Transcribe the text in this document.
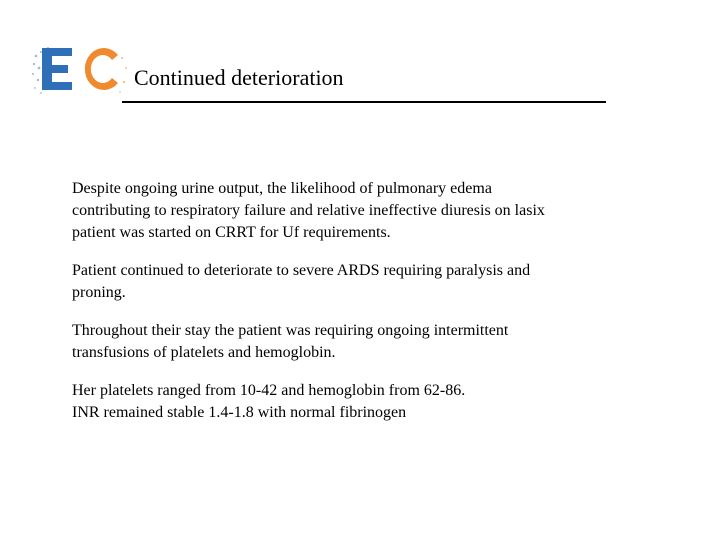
Continued deterioration

Despite ongoing urine output, the likelihood of pulmonary edema
contributing to respiratory failure and relative ineffective diuresis on lasix
patient was started on CRRT for Uf requirements.

Patient continued to deteriorate to severe ARDS requiring paralysis and
proning.

Throughout their stay the patient was requiring ongoing intermittent
transfusions of platelets and hemoglobin.

Her platelets ranged from 10-42 and hemoglobin from 62-86.
INR remained stable 1.4-1.8 with normal fibrinogen
